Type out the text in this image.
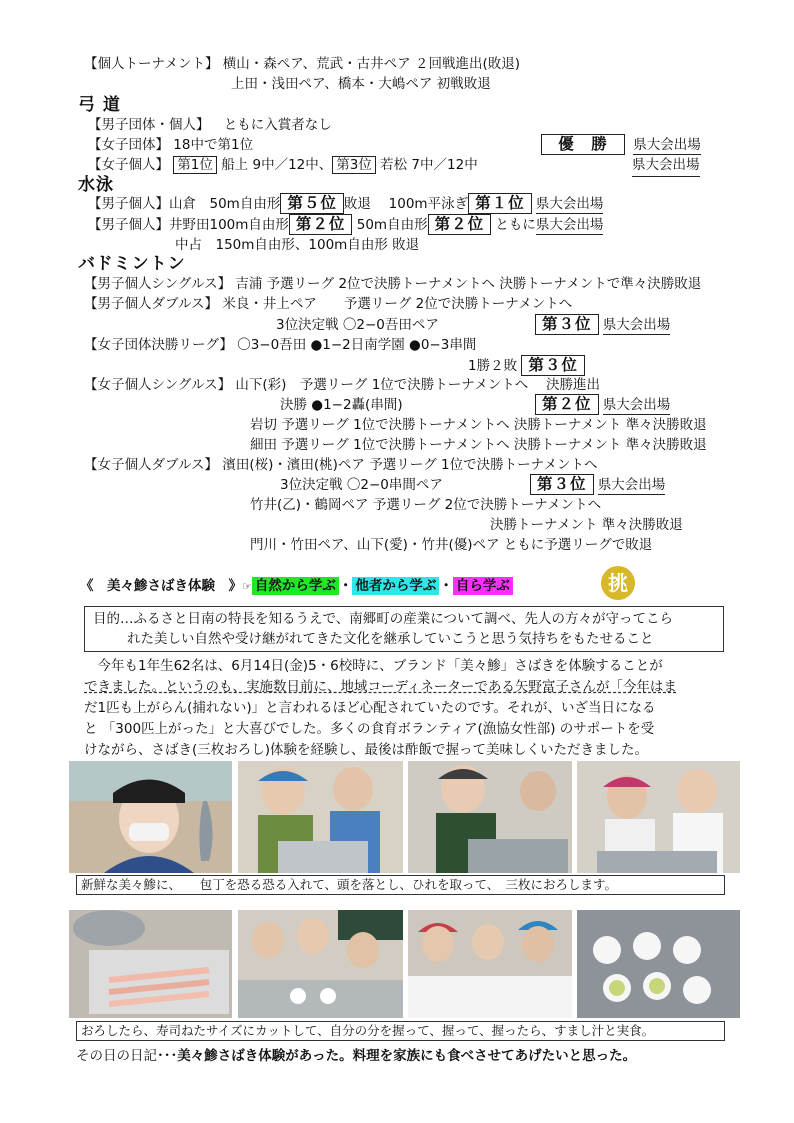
【個人トーナメント】 横山・森ペア、荒武・古井ペア ２回戦進出(敗退)
上田・浅田ペア、橋本・大嶋ペア 初戦敗退
弓 道
【男子団体・個人】 ともに入賞者なし
【女子団体】 18中で第1位	優　勝 県大会出場
【女子個人】 第1位 船上 9中／12中、 第3位 若松 7中／12中	県大会出場
水泳
【男子個人】山倉　50m自由形 第５位 敗退　 100m平泳ぎ 第１位 県大会出場
【男子個人】井野田100m自由形 第２位 50m自由形 第２位 ともに県大会出場
中占　150m自由形、100m自由形 敗退
バドミントン
【男子個人シングルス】 吉浦 予選リーグ 2位で決勝トーナメントへ 決勝トーナメントで準々決勝敗退
【男子個人ダブルス】 米良・井上ペア　　予選リーグ 2位で決勝トーナメントへ
3位決定戦 〇2−0吾田ペア	第３位 県大会出場
【女子団体決勝リーグ】 〇3−0吾田 ●1−2日南学園 ●0−3串間
1勝２敗 第３位
【女子個人シングルス】 山下(彩)　予選リーグ 1位で決勝トーナメントへ　 決勝進出
決勝 ●1−2轟(串間)	第２位 県大会出場
岩切 予選リーグ 1位で決勝トーナメントへ 決勝トーナメント 準々決勝敗退
細田 予選リーグ 1位で決勝トーナメントへ 決勝トーナメント 準々決勝敗退
【女子個人ダブルス】 濱田(桜)・濱田(桃)ペア 予選リーグ 1位で決勝トーナメントへ
3位決定戦 〇2−0串間ペア	第３位 県大会出場
竹井(乙)・鶴岡ペア 予選リーグ 2位で決勝トーナメントへ
決勝トーナメント 準々決勝敗退
門川・竹田ペア、山下(愛)・竹井(優)ペア ともに予選リーグで敗退
《　美々鯵さばき体験　》☞ 自然から学ぶ ・ 他者から学ぶ ・ 自ら学ぶ	挑
目的…ふるさと日南の特長を知るうえで、南郷町の産業について調べ、先人の方々が守ってこら
れた美しい自然や受け継がれてきた文化を継承していこうと思う気持ちをもたせること
　今年も1年生62名は、6月14日(金)5・6校時に、ブランド「美々鯵」さばきを体験することが
できました。というのも、実施数日前に、地域コーディネーターである矢野富子さんが「今年はま
だ1匹も上がらん(捕れない)」と言われるほど心配されていたのです。それが、いざ当日になる
と 「300匹上がった」と大喜びでした。多くの食育ボランティア(漁協女性部) のサポートを受
けながら、さばき(三枚おろし)体験を経験し、最後は酢飯で握って美味しくいただきました。
新鮮な美々鯵に、　　包丁を恐る恐る入れて、頭を落とし、ひれを取って、　三枚におろします。
おろしたら、寿司ねたサイズにカットして、自分の分を握って、握って、握ったら、すまし汁と実食。
その日の日記･･･美々鯵さばき体験があった。料理を家族にも食べさせてあげたいと思った。
